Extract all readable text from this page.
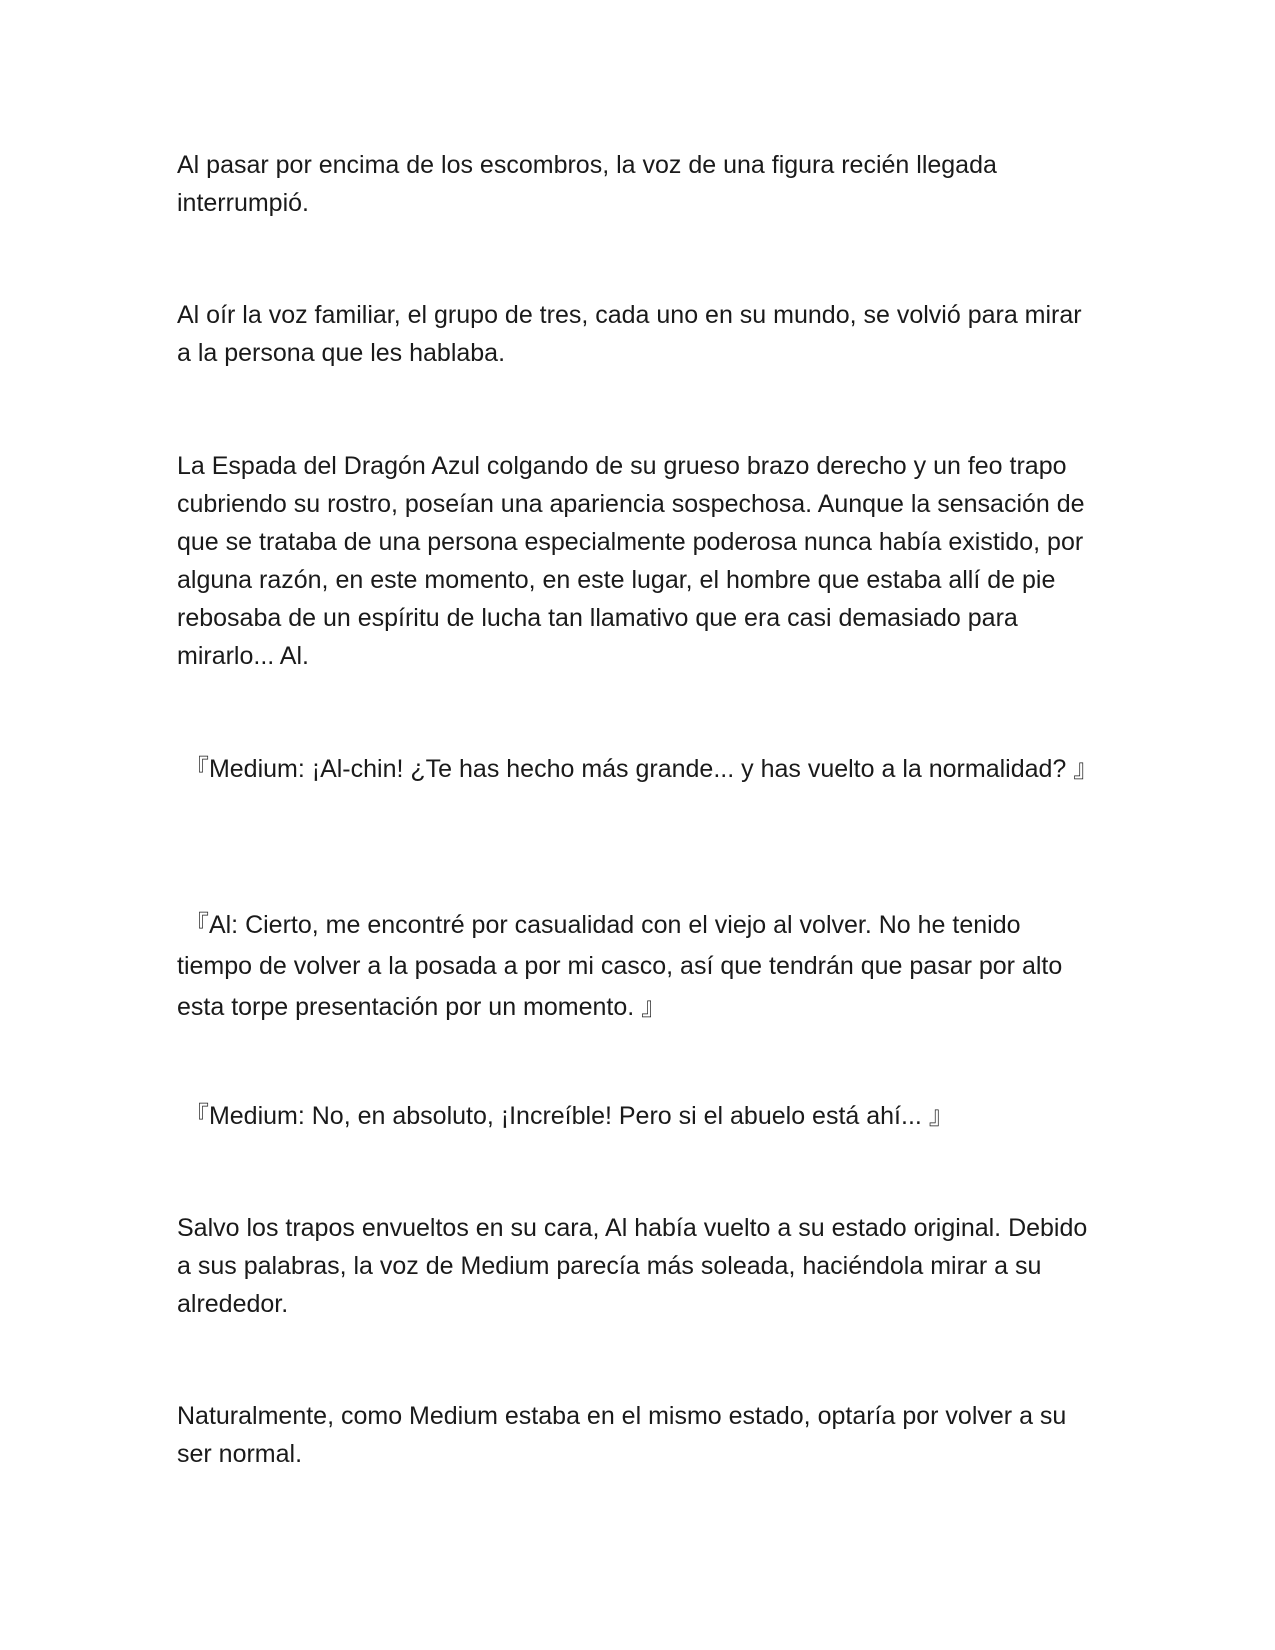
Al pasar por encima de los escombros, la voz de una figura recién llegada interrumpió.

Al oír la voz familiar, el grupo de tres, cada uno en su mundo, se volvió para mirar a la persona que les hablaba.

La Espada del Dragón Azul colgando de su grueso brazo derecho y un feo trapo cubriendo su rostro, poseían una apariencia sospechosa. Aunque la sensación de que se trataba de una persona especialmente poderosa nunca había existido, por alguna razón, en este momento, en este lugar, el hombre que estaba allí de pie rebosaba de un espíritu de lucha tan llamativo que era casi demasiado para mirarlo... Al.

『Medium: ¡Al-chin! ¿Te has hecho más grande... y has vuelto a la normalidad? 』

『Al: Cierto, me encontré por casualidad con el viejo al volver. No he tenido tiempo de volver a la posada a por mi casco, así que tendrán que pasar por alto esta torpe presentación por un momento. 』

『Medium: No, en absoluto, ¡Increíble! Pero si el abuelo está ahí... 』

Salvo los trapos envueltos en su cara, Al había vuelto a su estado original. Debido a sus palabras, la voz de Medium parecía más soleada, haciéndola mirar a su alrededor.

Naturalmente, como Medium estaba en el mismo estado, optaría por volver a su ser normal.
